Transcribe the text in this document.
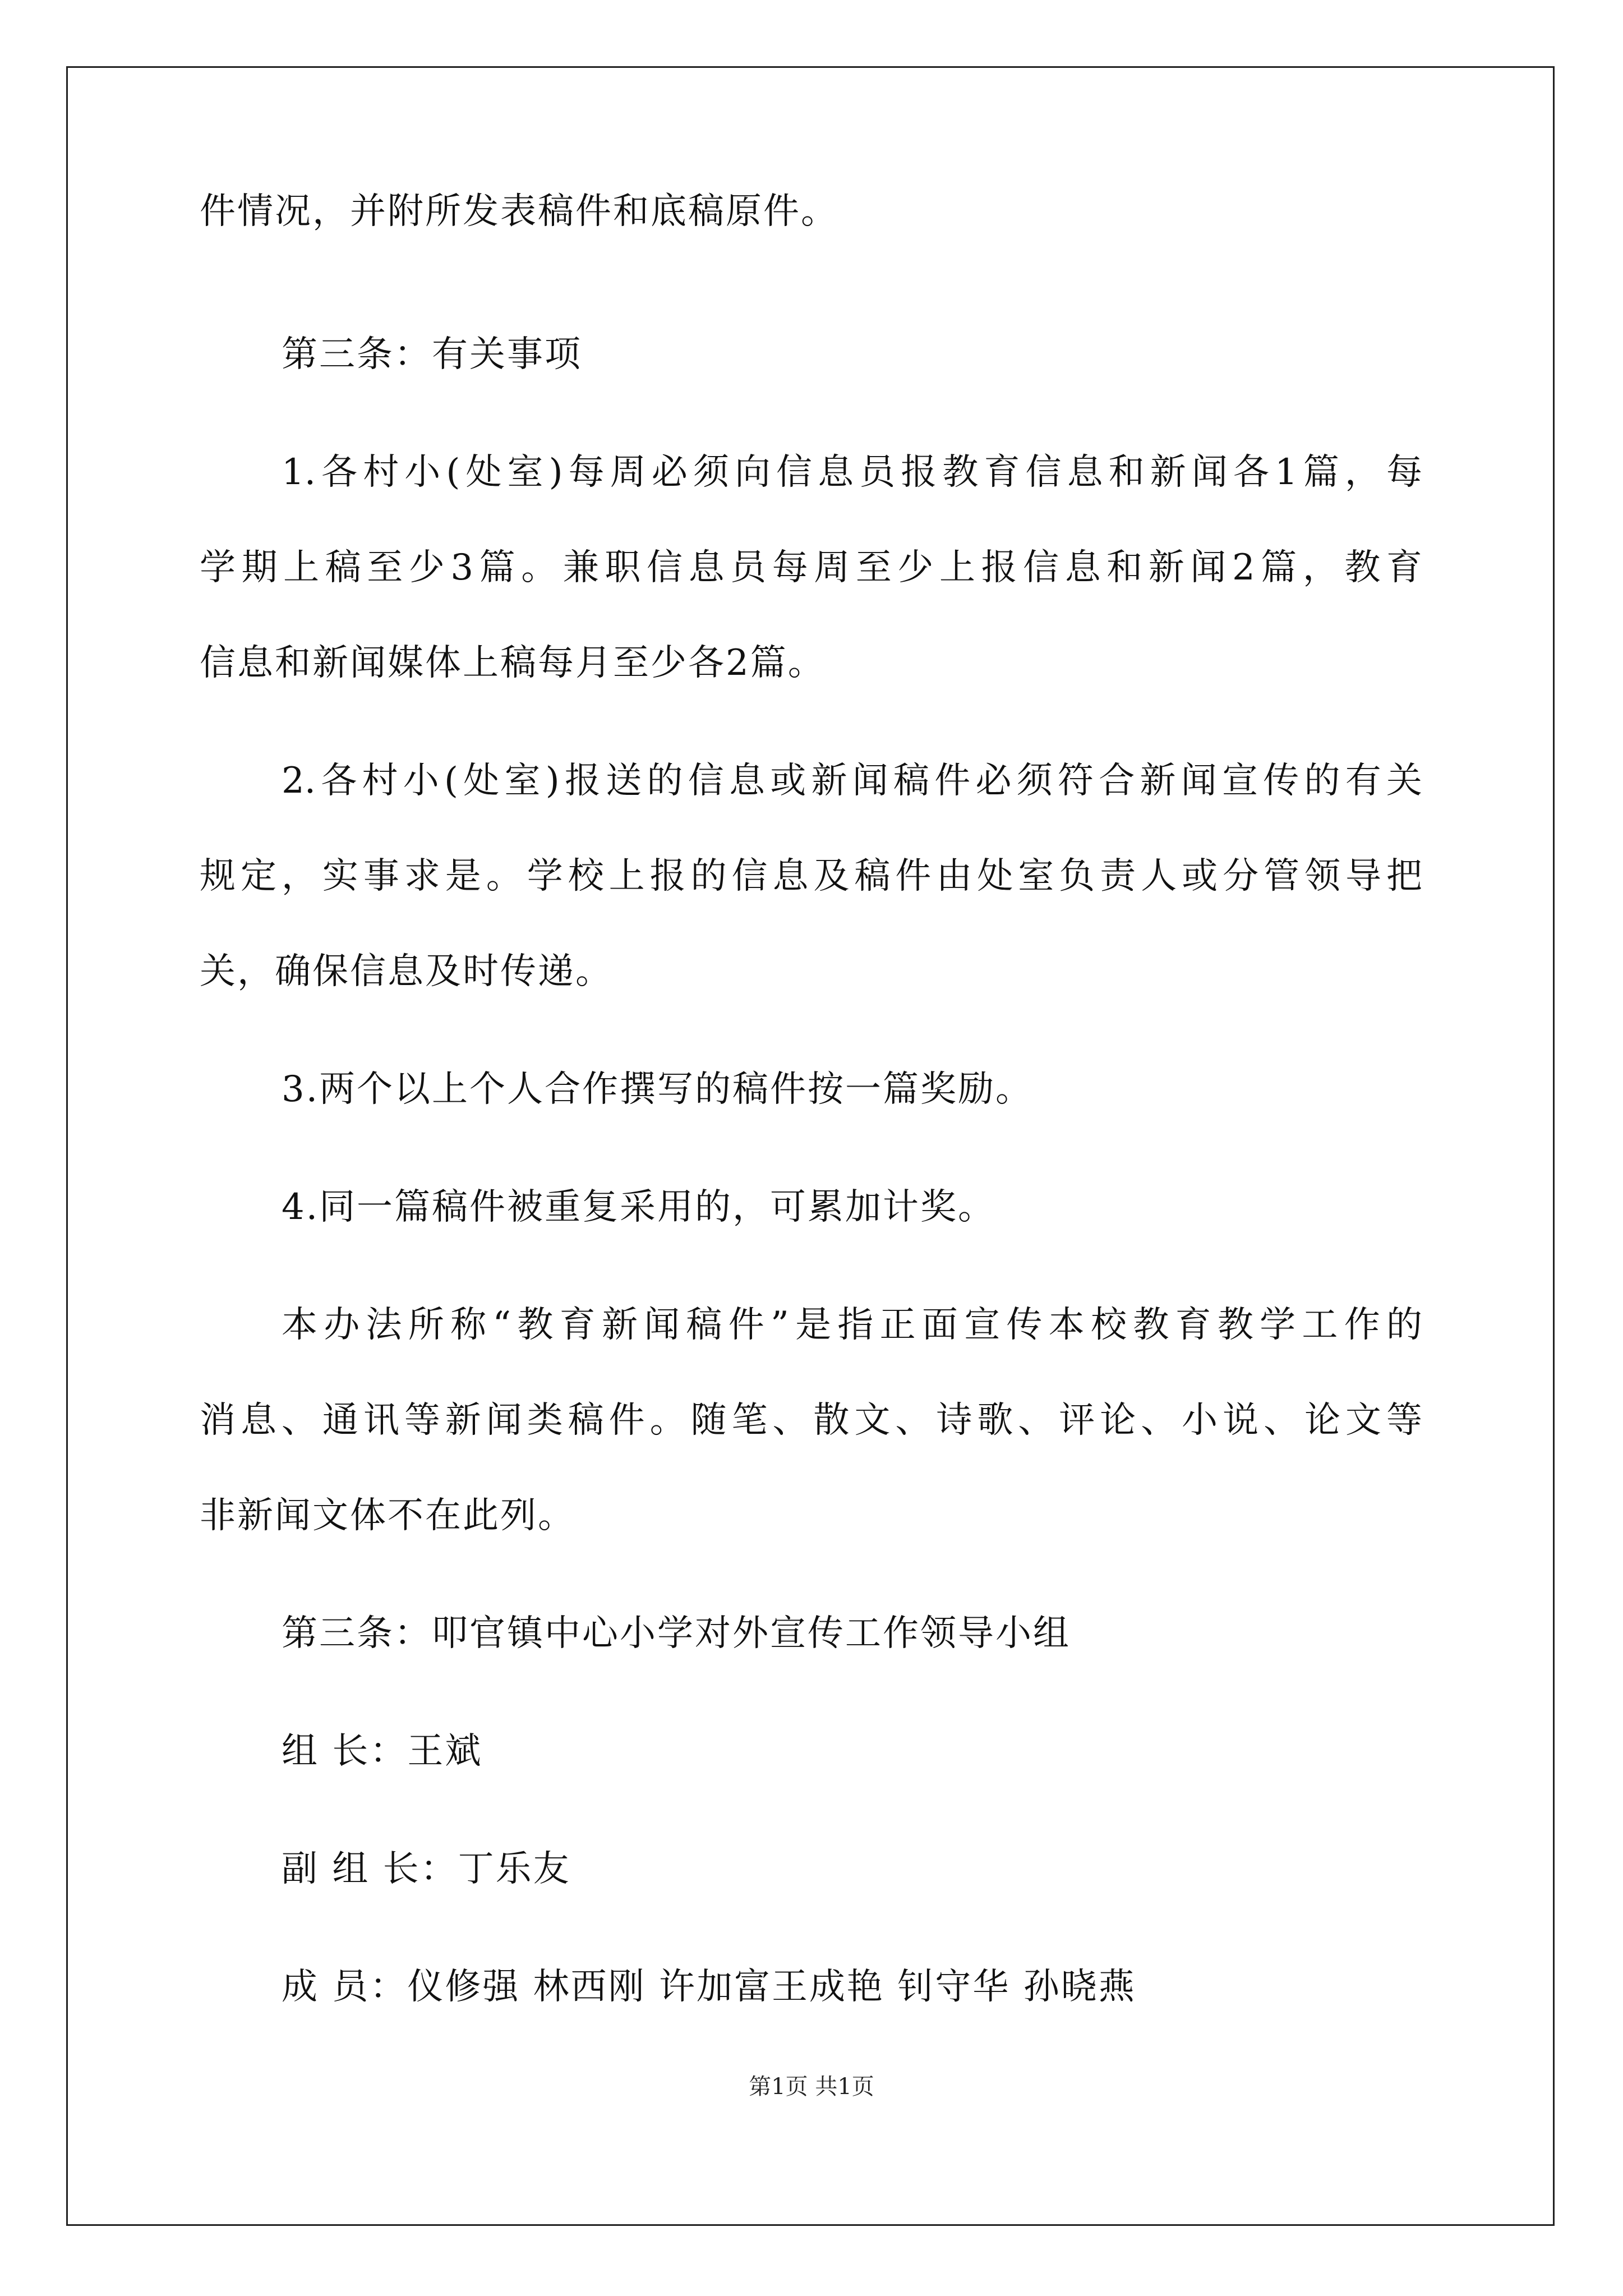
件情况，并附所发表稿件和底稿原件。
第三条：有关事项
1.各村小(处室)每周必须向信息员报教育信息和新闻各1篇，每
学期上稿至少3篇。兼职信息员每周至少上报信息和新闻2篇，教育
信息和新闻媒体上稿每月至少各2篇。
2.各村小(处室)报送的信息或新闻稿件必须符合新闻宣传的有关
规定，实事求是。学校上报的信息及稿件由处室负责人或分管领导把
关，确保信息及时传递。
3.两个以上个人合作撰写的稿件按一篇奖励。
4.同一篇稿件被重复采用的，可累加计奖。
本办法所称“教育新闻稿件”是指正面宣传本校教育教学工作的
消息、通讯等新闻类稿件。随笔、散文、诗歌、评论、小说、论文等
非新闻文体不在此列。
第三条：叩官镇中心小学对外宣传工作领导小组
组 长：王斌
副 组 长：丁乐友
成 员：仪修强 林西刚 许加富王成艳 钊守华 孙晓燕
第1页 共1页
